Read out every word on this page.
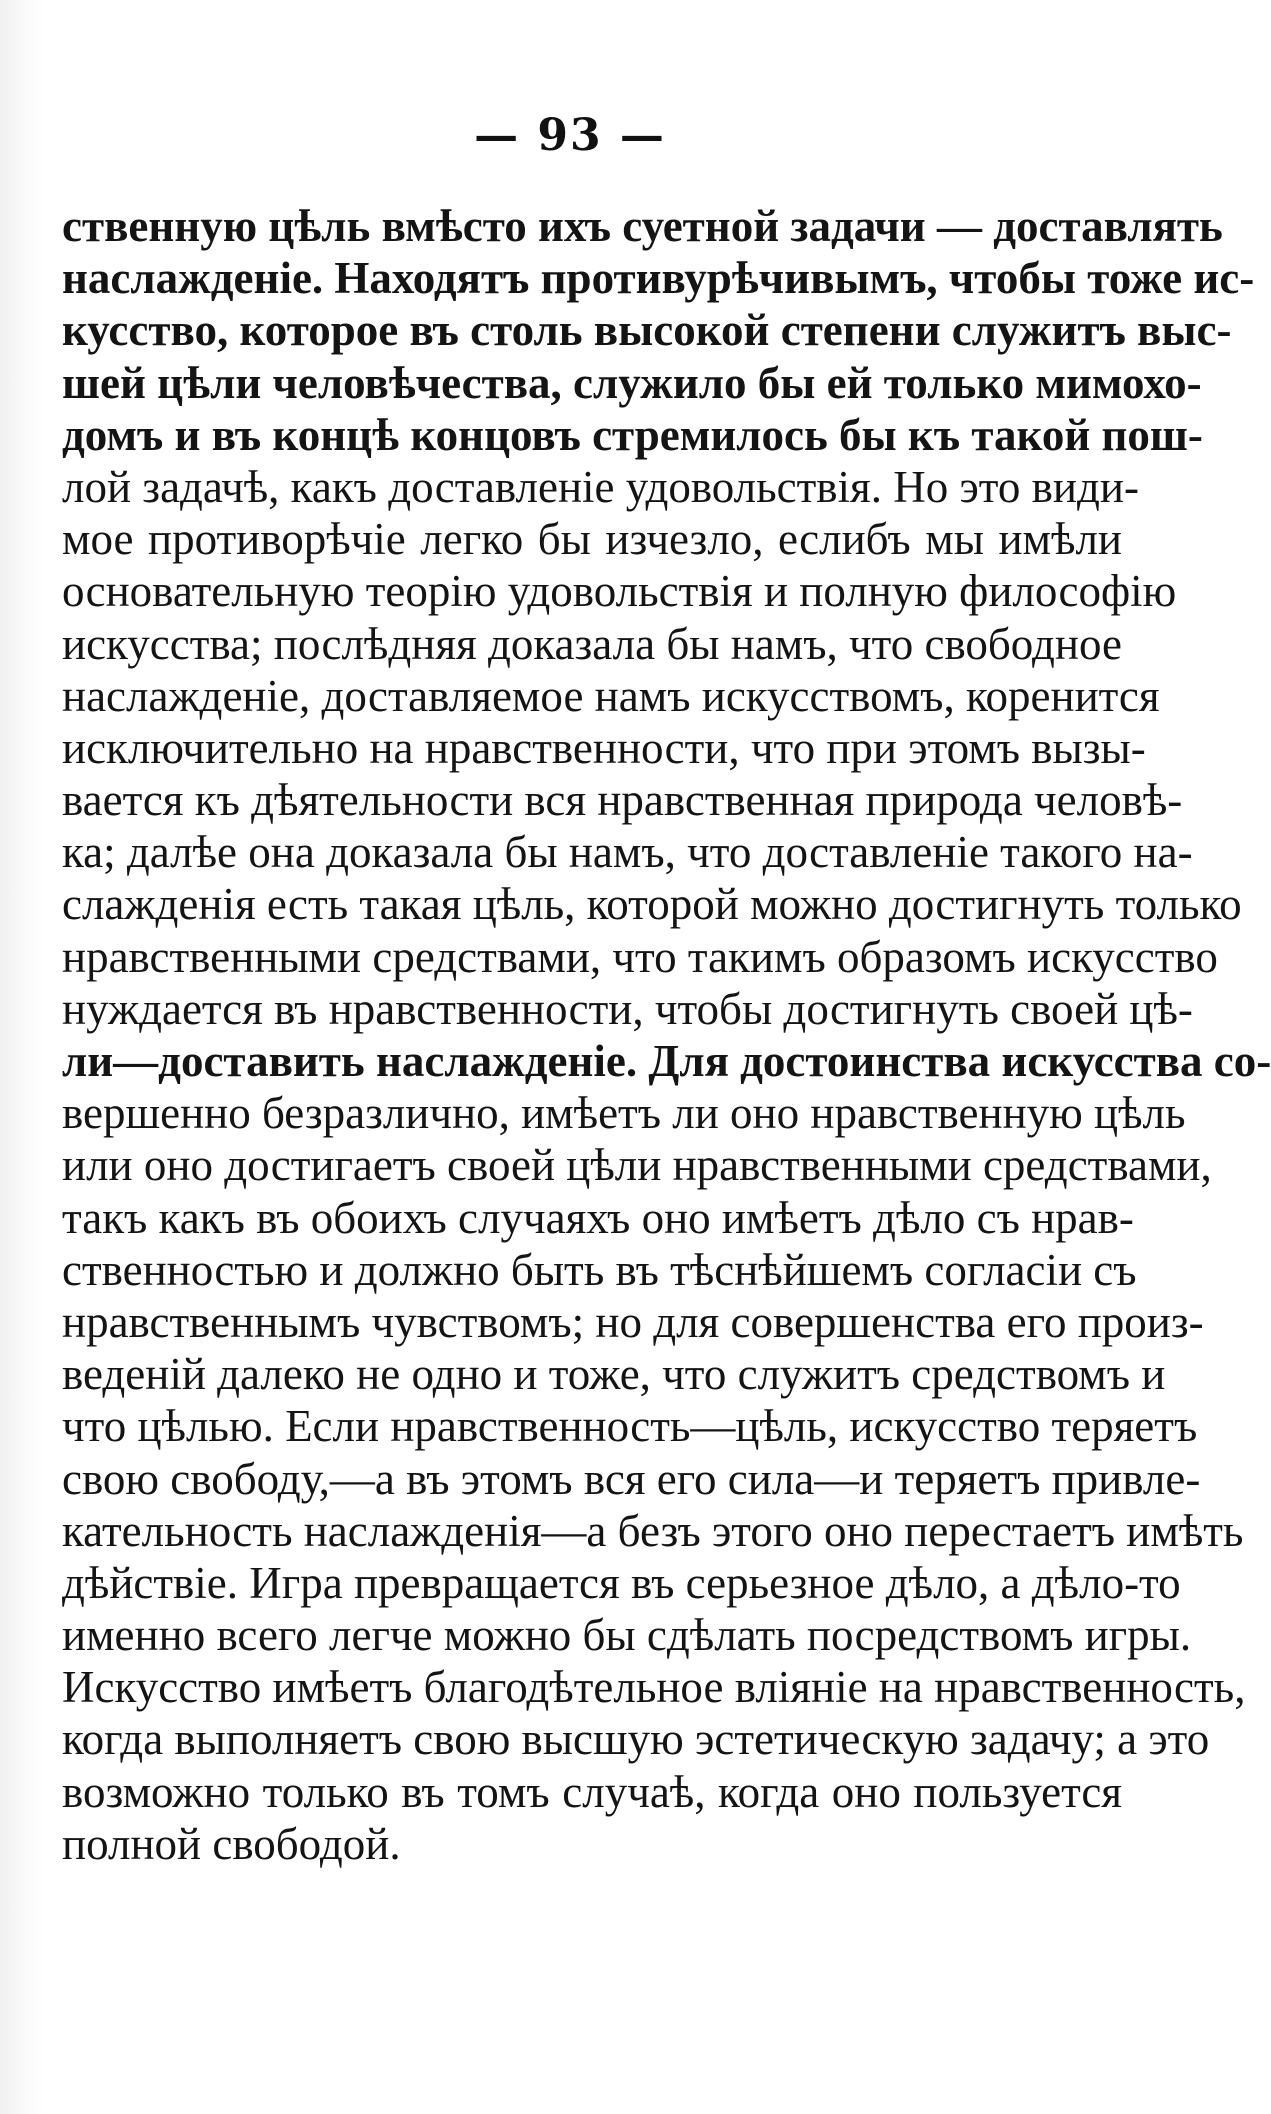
— 93 —
ственную цѣль вмѣсто ихъ суетной задачи — доставлять
наслажденіе. Находятъ противурѣчивымъ, чтобы тоже ис-
кусство, которое въ столь высокой степени служитъ выс-
шей цѣли человѣчества, служило бы ей только мимохо-
домъ и въ концѣ концовъ стремилось бы къ такой пош-
лой задачѣ, какъ доставленіе удовольствія. Но это види-
мое противорѣчіе легко бы изчезло, еслибъ мы имѣли
основательную теорію удовольствія и полную философію
искусства; послѣдняя доказала бы намъ, что свободное
наслажденіе, доставляемое намъ искусствомъ, коренится
исключительно на нравственности, что при этомъ вызы-
вается къ дѣятельности вся нравственная природа человѣ-
ка; далѣе она доказала бы намъ, что доставленіе такого на-
слажденія есть такая цѣль, которой можно достигнуть только
нравственными средствами, что такимъ образомъ искусство
нуждается въ нравственности, чтобы достигнуть своей цѣ-
ли—доставить наслажденіе. Для достоинства искусства со-
вершенно безразлично, имѣетъ ли оно нравственную цѣль
или оно достигаетъ своей цѣли нравственными средствами,
такъ какъ въ обоихъ случаяхъ оно имѣетъ дѣло съ нрав-
ственностью и должно быть въ тѣснѣйшемъ согласіи съ
нравственнымъ чувствомъ; но для совершенства его произ-
веденій далеко не одно и тоже, что служитъ средствомъ и
что цѣлью. Если нравственность—цѣль, искусство теряетъ
свою свободу,—а въ этомъ вся его сила—и теряетъ привле-
кательность наслажденія—а безъ этого оно перестаетъ имѣть
дѣйствіе. Игра превращается въ серьезное дѣло, а дѣло-то
именно всего легче можно бы сдѣлать посредствомъ игры.
Искусство имѣетъ благодѣтельное вліяніе на нравственность,
когда выполняетъ свою высшую эстетическую задачу; а это
возможно только въ томъ случаѣ, когда оно пользуется
полной свободой.
